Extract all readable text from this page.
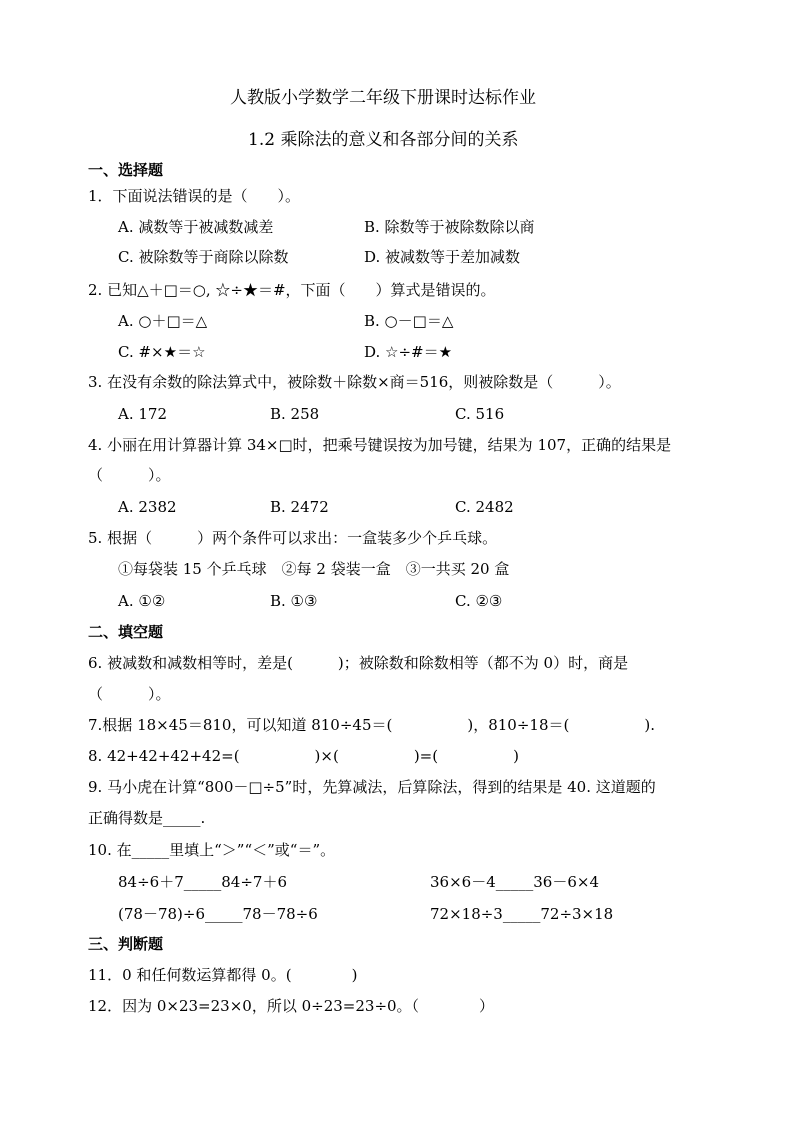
人教版小学数学二年级下册课时达标作业
1.2 乘除法的意义和各部分间的关系
一、选择题
1．下面说法错误的是（　　）。
A. 减数等于被减数减差	B. 除数等于被除数除以商
C. 被除数等于商除以除数	D. 被减数等于差加减数
2. 已知△＋□＝○, ☆÷★＝#，下面（　　）算式是错误的。
A. ○＋□＝△	B. ○－□＝△
C. #×★＝☆	D. ☆÷#＝★
3. 在没有余数的除法算式中，被除数＋除数×商＝516，则被除数是（　　　）。
A. 172	B. 258	C. 516
4. 小丽在用计算器计算 34×□时，把乘号键误按为加号键，结果为 107，正确的结果是
（　　　）。
A. 2382	B. 2472	C. 2482
5. 根据（　　　）两个条件可以求出：一盒装多少个乒乓球。
①每袋装 15 个乒乓球　②每 2 袋装一盒　③一共买 20 盒
A. ①②	B. ①③	C. ②③
二、填空题
6. 被减数和减数相等时，差是(　　　)；被除数和除数相等（都不为 0）时，商是
（　　　）。
7.根据 18×45＝810，可以知道 810÷45＝(　　　　　)，810÷18＝(　　　　　).
8. 42+42+42+42=(　　　　　)×(　　　　　)=(　　　　　)
9. 马小虎在计算“800－□÷5”时，先算减法，后算除法，得到的结果是 40. 这道题的
正确得数是_____.
10. 在_____里填上“＞”“＜”或“＝”。
84÷6＋7_____84÷7＋6	36×6－4_____36－6×4
(78－78)÷6_____78－78÷6	72×18÷3_____72÷3×18
三、判断题
11．0 和任何数运算都得 0。(　　　　)
12．因为 0×23=23×0，所以 0÷23=23÷0。（　　　　）
